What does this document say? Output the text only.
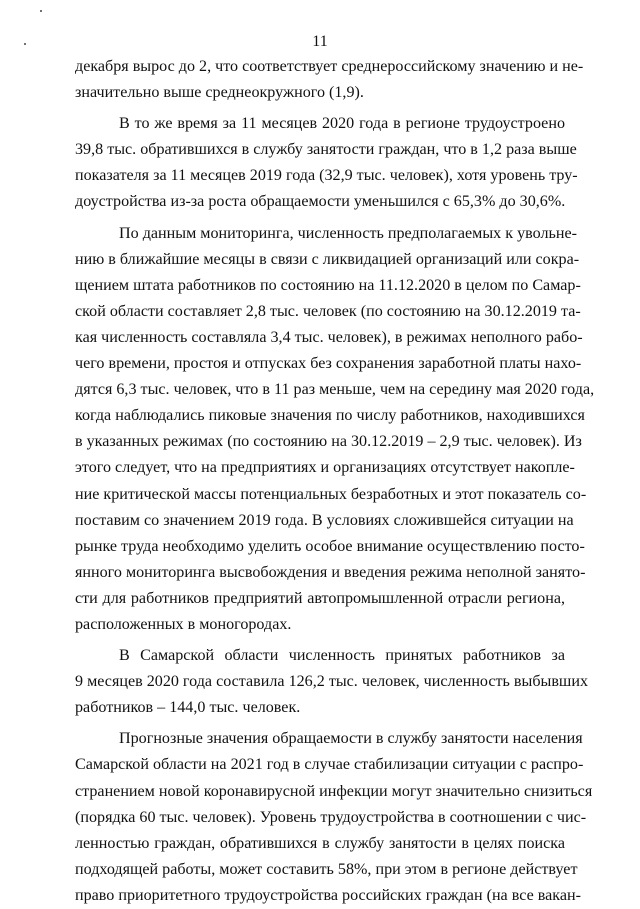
11

декабря вырос до 2, что соответствует среднероссийскому значению и не-
значительно выше среднеокружного (1,9).

В то же время за 11 месяцев 2020 года в регионе трудоустроено
39,8 тыс. обратившихся в службу занятости граждан, что в 1,2 раза выше
показателя за 11 месяцев 2019 года (32,9 тыс. человек), хотя уровень тру-
доустройства из-за роста обращаемости уменьшился с 65,3% до 30,6%.

По данным мониторинга, численность предполагаемых к увольне-
нию в ближайшие месяцы в связи с ликвидацией организаций или сокра-
щением штата работников по состоянию на 11.12.2020 в целом по Самар-
ской области составляет 2,8 тыс. человек (по состоянию на 30.12.2019 та-
кая численность составляла 3,4 тыс. человек), в режимах неполного рабо-
чего времени, простоя и отпусках без сохранения заработной платы нахо-
дятся 6,3 тыс. человек, что в 11 раз меньше, чем на середину мая 2020 года,
когда наблюдались пиковые значения по числу работников, находившихся
в указанных режимах (по состоянию на 30.12.2019 – 2,9 тыс. человек). Из
этого следует, что на предприятиях и организациях отсутствует накопле-
ние критической массы потенциальных безработных и этот показатель со-
поставим со значением 2019 года. В условиях сложившейся ситуации на
рынке труда необходимо уделить особое внимание осуществлению посто-
янного мониторинга высвобождения и введения режима неполной занято-
сти для работников предприятий автопромышленной отрасли региона,
расположенных в моногородах.

В Самарской области численность принятых работников за
9 месяцев 2020 года составила 126,2 тыс. человек, численность выбывших
работников – 144,0 тыс. человек.

Прогнозные значения обращаемости в службу занятости населения
Самарской области на 2021 год в случае стабилизации ситуации с распро-
странением новой коронавирусной инфекции могут значительно снизиться
(порядка 60 тыс. человек). Уровень трудоустройства в соотношении с чис-
ленностью граждан, обратившихся в службу занятости в целях поиска
подходящей работы, может составить 58%, при этом в регионе действует
право приоритетного трудоустройства российских граждан (на все вакан-
